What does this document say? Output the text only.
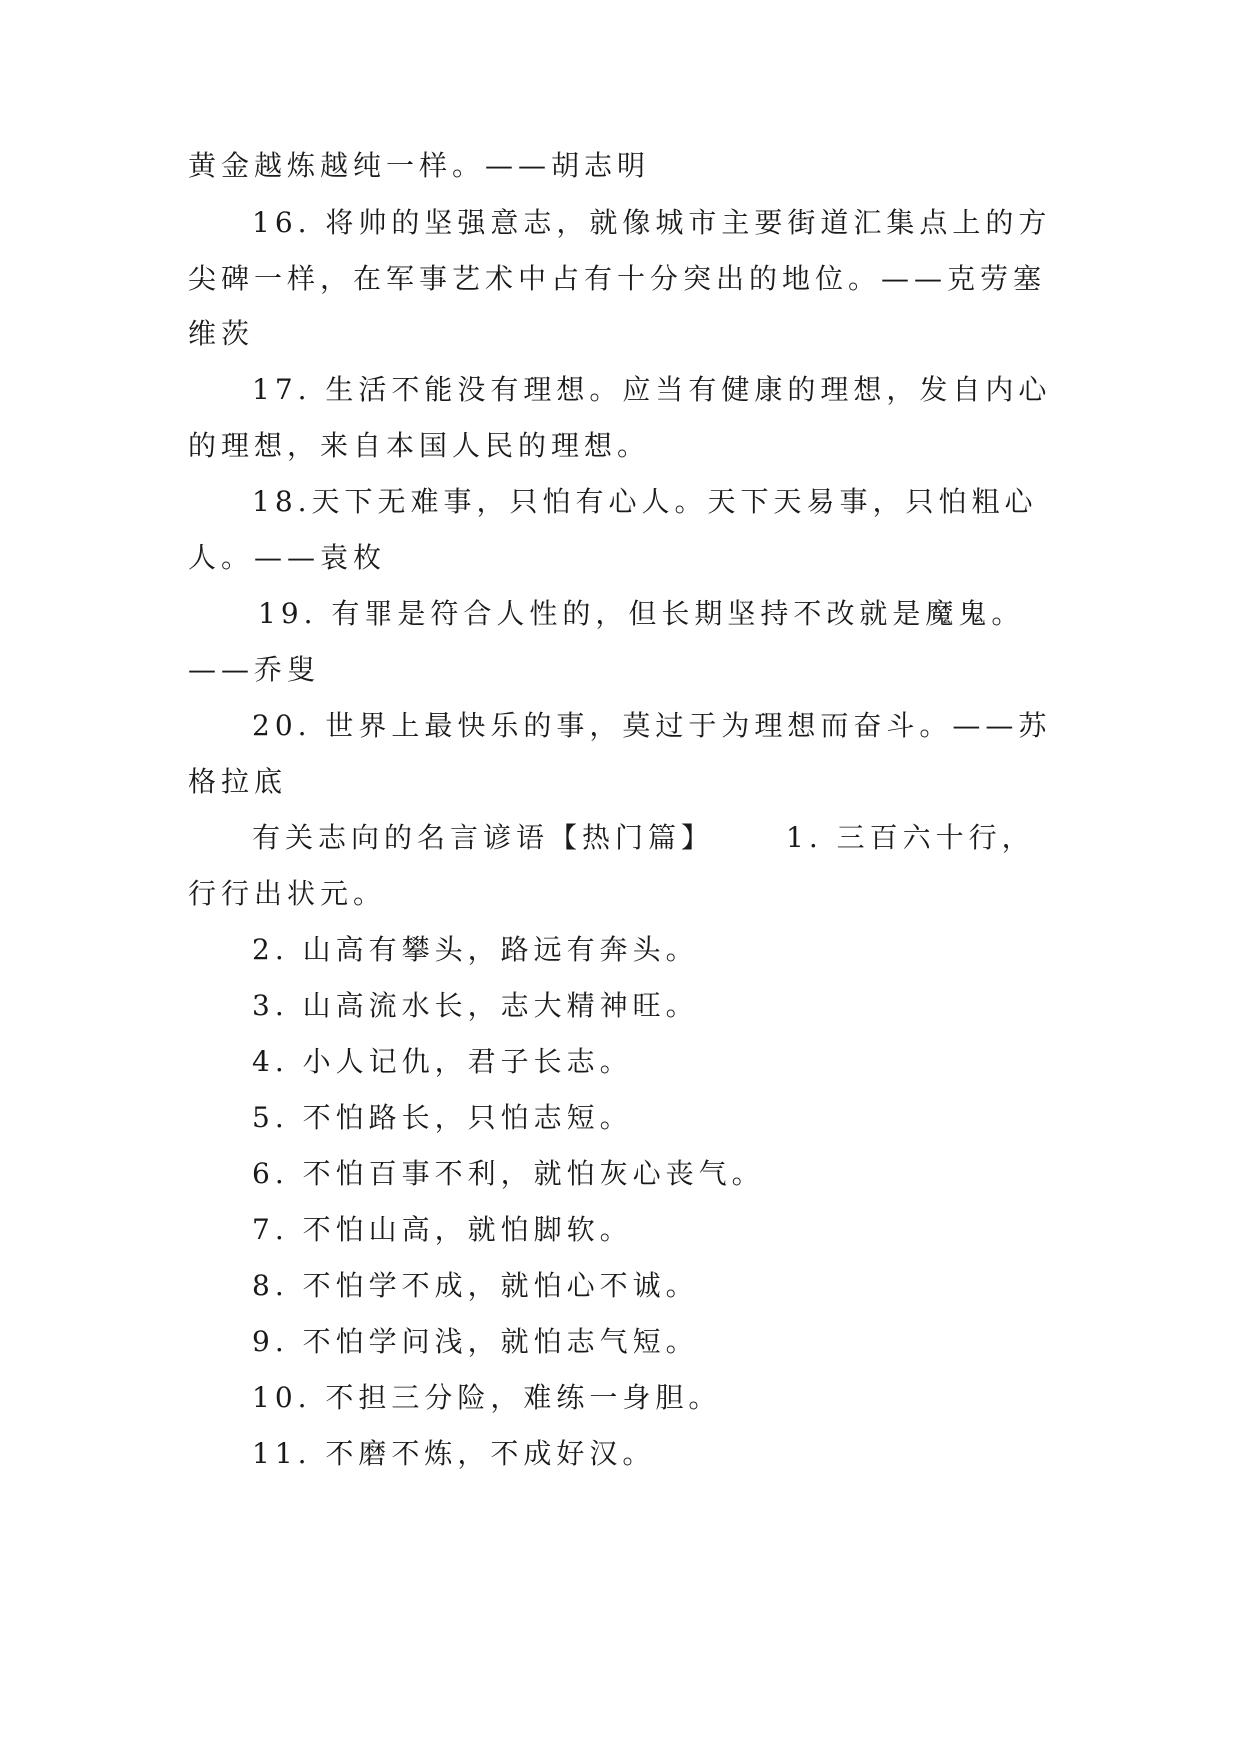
黄金越炼越纯一样。——胡志明

16. 将帅的坚强意志，就像城市主要街道汇集点上的方

尖碑一样，在军事艺术中占有十分突出的地位。——克劳塞

维茨

17. 生活不能没有理想。应当有健康的理想，发自内心

的理想，来自本国人民的理想。

18.天下无难事，只怕有心人。天下天易事，只怕粗心

人。——袁枚

19. 有罪是符合人性的，但长期坚持不改就是魔鬼。

——乔叟

20. 世界上最快乐的事，莫过于为理想而奋斗。——苏

格拉底

有关志向的名言谚语【热门篇】	1. 三百六十行，

行行出状元。

2. 山高有攀头，路远有奔头。

3. 山高流水长，志大精神旺。

4. 小人记仇，君子长志。

5. 不怕路长，只怕志短。

6. 不怕百事不利，就怕灰心丧气。

7. 不怕山高，就怕脚软。

8. 不怕学不成，就怕心不诚。

9. 不怕学问浅，就怕志气短。

10. 不担三分险，难练一身胆。

11. 不磨不炼，不成好汉。
